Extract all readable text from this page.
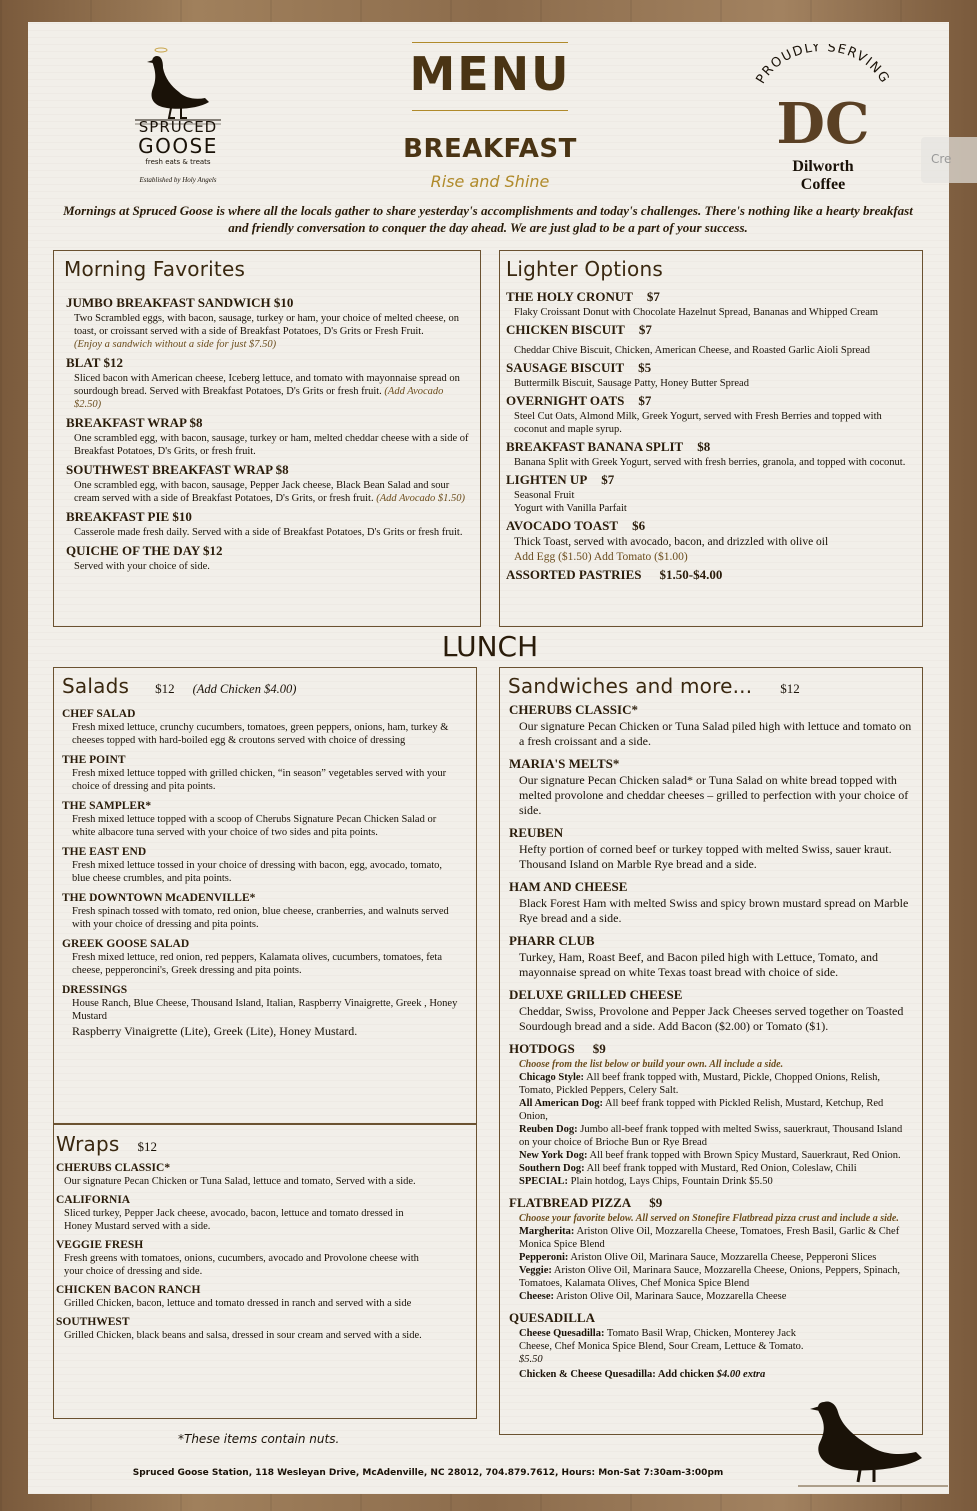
SPRUCED
GOOSE
fresh eats & treats
Established by Holy Angels
MENU
BREAKFAST
Rise and Shine
PROUDLY SERVING
DC
Dilworth
Coffee
Mornings at Spruced Goose is where all the locals gather to share yesterday's accomplishments and today's challenges. There's nothing like a hearty breakfast and friendly conversation to conquer the day ahead. We are just glad to be a part of your success.
Morning Favorites
JUMBO BREAKFAST SANDWICH $10
Two Scrambled eggs, with bacon, sausage, turkey or ham, your choice of melted cheese, on toast, or croissant served with a side of Breakfast Potatoes, D's Grits or Fresh Fruit.
(Enjoy a sandwich without a side for just $7.50)
BLAT $12
Sliced bacon with American cheese, Iceberg lettuce, and tomato with mayonnaise spread on sourdough bread. Served with Breakfast Potatoes, D's Grits or fresh fruit. (Add Avocado $2.50)
BREAKFAST WRAP $8
One scrambled egg, with bacon, sausage, turkey or ham, melted cheddar cheese with a side of Breakfast Potatoes, D's Grits, or fresh fruit.
SOUTHWEST BREAKFAST WRAP $8
One scrambled egg, with bacon, sausage, Pepper Jack cheese, Black Bean Salad and sour cream served with a side of Breakfast Potatoes, D's Grits, or fresh fruit. (Add Avocado $1.50)
BREAKFAST PIE $10
Casserole made fresh daily. Served with a side of Breakfast Potatoes, D's Grits or fresh fruit.
QUICHE OF THE DAY $12
Served with your choice of side.
Lighter Options
THE HOLY CRONUT $7
Flaky Croissant Donut with Chocolate Hazelnut Spread, Bananas and Whipped Cream
CHICKEN BISCUIT $7
Cheddar Chive Biscuit, Chicken, American Cheese, and Roasted Garlic Aioli Spread
SAUSAGE BISCUIT $5
Buttermilk Biscuit, Sausage Patty, Honey Butter Spread
OVERNIGHT OATS $7
Steel Cut Oats, Almond Milk, Greek Yogurt, served with Fresh Berries and topped with coconut and maple syrup.
BREAKFAST BANANA SPLIT $8
Banana Split with Greek Yogurt, served with fresh berries, granola, and topped with coconut.
LIGHTEN UP $7
Seasonal Fruit
Yogurt with Vanilla Parfait
AVOCADO TOAST $6
Thick Toast, served with avocado, bacon, and drizzled with olive oil
Add Egg ($1.50) Add Tomato ($1.00)
ASSORTED PASTRIES $1.50-$4.00
LUNCH
Salads $12 (Add Chicken $4.00)
CHEF SALAD
Fresh mixed lettuce, crunchy cucumbers, tomatoes, green peppers, onions, ham, turkey & cheeses topped with hard-boiled egg & croutons served with choice of dressing
THE POINT
Fresh mixed lettuce topped with grilled chicken, “in season” vegetables served with your choice of dressing and pita points.
THE SAMPLER*
Fresh mixed lettuce topped with a scoop of Cherubs Signature Pecan Chicken Salad or white albacore tuna served with your choice of two sides and pita points.
THE EAST END
Fresh mixed lettuce tossed in your choice of dressing with bacon, egg, avocado, tomato, blue cheese crumbles, and pita points.
THE DOWNTOWN McADENVILLE*
Fresh spinach tossed with tomato, red onion, blue cheese, cranberries, and walnuts served with your choice of dressing and pita points.
GREEK GOOSE SALAD
Fresh mixed lettuce, red onion, red peppers, Kalamata olives, cucumbers, tomatoes, feta cheese, pepperoncini's, Greek dressing and pita points.
DRESSINGS
House Ranch, Blue Cheese, Thousand Island, Italian, Raspberry Vinaigrette, Greek , Honey Mustard
Raspberry Vinaigrette (Lite), Greek (Lite), Honey Mustard.
Wraps $12
CHERUBS CLASSIC*
Our signature Pecan Chicken or Tuna Salad, lettuce and tomato, Served with a side.
CALIFORNIA
Sliced turkey, Pepper Jack cheese, avocado, bacon, lettuce and tomato dressed in Honey Mustard served with a side.
VEGGIE FRESH
Fresh greens with tomatoes, onions, cucumbers, avocado and Provolone cheese with your choice of dressing and side.
CHICKEN BACON RANCH
Grilled Chicken, bacon, lettuce and tomato dressed in ranch and served with a side
SOUTHWEST
Grilled Chicken, black beans and salsa, dressed in sour cream and served with a side.
Sandwiches and more... $12
CHERUBS CLASSIC*
Our signature Pecan Chicken or Tuna Salad piled high with lettuce and tomato on a fresh croissant and a side.
MARIA'S MELTS*
Our signature Pecan Chicken salad* or Tuna Salad on white bread topped with melted provolone and cheddar cheeses – grilled to perfection with your choice of side.
REUBEN
Hefty portion of corned beef or turkey topped with melted Swiss, sauer kraut. Thousand Island on Marble Rye bread and a side.
HAM AND CHEESE
Black Forest Ham with melted Swiss and spicy brown mustard spread on Marble Rye bread and a side.
PHARR CLUB
Turkey, Ham, Roast Beef, and Bacon piled high with Lettuce, Tomato, and mayonnaise spread on white Texas toast bread with choice of side.
DELUXE GRILLED CHEESE
Cheddar, Swiss, Provolone and Pepper Jack Cheeses served together on Toasted Sourdough bread and a side. Add Bacon ($2.00) or Tomato ($1).
HOTDOGS $9
Choose from the list below or build your own. All include a side.
Chicago Style: All beef frank topped with, Mustard, Pickle, Chopped Onions, Relish, Tomato, Pickled Peppers, Celery Salt.
All American Dog: All beef frank topped with Pickled Relish, Mustard, Ketchup, Red Onion,
Reuben Dog: Jumbo all-beef frank topped with melted Swiss, sauerkraut, Thousand Island on your choice of Brioche Bun or Rye Bread
New York Dog: All beef frank topped with Brown Spicy Mustard, Sauerkraut, Red Onion.
Southern Dog: All beef frank topped with Mustard, Red Onion, Coleslaw, Chili
SPECIAL: Plain hotdog, Lays Chips, Fountain Drink $5.50
FLATBREAD PIZZA $9
Choose your favorite below. All served on Stonefire Flatbread pizza crust and include a side.
Margherita: Ariston Olive Oil, Mozzarella Cheese, Tomatoes, Fresh Basil, Garlic & Chef Monica Spice Blend
Pepperoni: Ariston Olive Oil, Marinara Sauce, Mozzarella Cheese, Pepperoni Slices
Veggie: Ariston Olive Oil, Marinara Sauce, Mozzarella Cheese, Onions, Peppers, Spinach, Tomatoes, Kalamata Olives, Chef Monica Spice Blend
Cheese: Ariston Olive Oil, Marinara Sauce, Mozzarella Cheese
QUESADILLA
Cheese Quesadilla: Tomato Basil Wrap, Chicken, Monterey Jack Cheese, Chef Monica Spice Blend, Sour Cream, Lettuce & Tomato. $5.50
Chicken & Cheese Quesadilla: Add chicken $4.00 extra
*These items contain nuts.
Spruced Goose Station, 118 Wesleyan Drive, McAdenville, NC 28012, 704.879.7612, Hours: Mon-Sat 7:30am-3:00pm
Cre
